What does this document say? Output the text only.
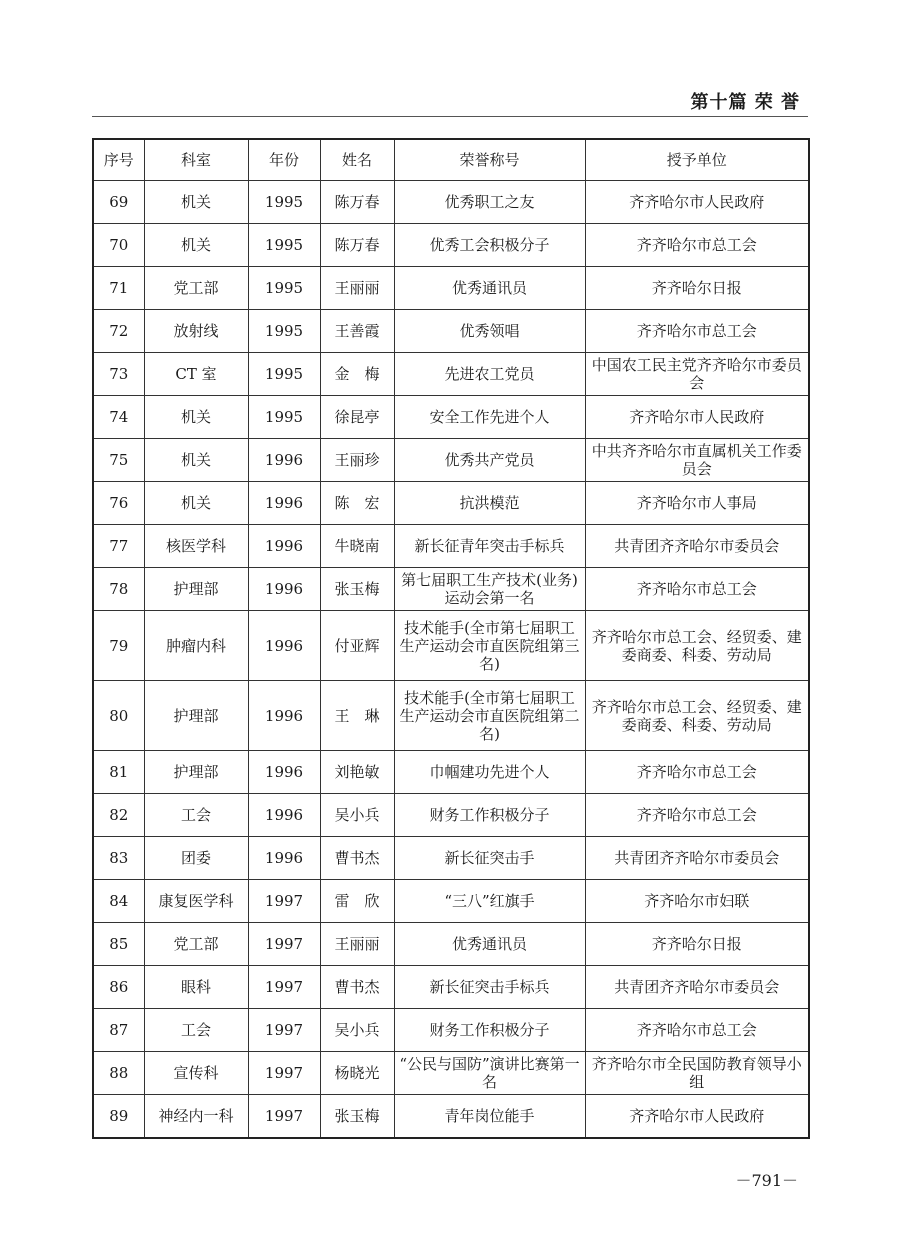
第十篇 荣 誉
序号	科室	年份	姓名	荣誉称号	授予单位
69	机关	1995	陈万春	优秀职工之友	齐齐哈尔市人民政府
70	机关	1995	陈万春	优秀工会积极分子	齐齐哈尔市总工会
71	党工部	1995	王丽丽	优秀通讯员	齐齐哈尔日报
72	放射线	1995	王善霞	优秀领唱	齐齐哈尔市总工会
73	CT 室	1995	金　梅	先进农工党员	中国农工民主党齐齐哈尔市委员会
74	机关	1995	徐昆亭	安全工作先进个人	齐齐哈尔市人民政府
75	机关	1996	王丽珍	优秀共产党员	中共齐齐哈尔市直属机关工作委员会
76	机关	1996	陈　宏	抗洪模范	齐齐哈尔市人事局
77	核医学科	1996	牛晓南	新长征青年突击手标兵	共青团齐齐哈尔市委员会
78	护理部	1996	张玉梅	第七届职工生产技术(业务)运动会第一名	齐齐哈尔市总工会
79	肿瘤内科	1996	付亚辉	技术能手(全市第七届职工生产运动会市直医院组第三名)	齐齐哈尔市总工会、经贸委、建委商委、科委、劳动局
80	护理部	1996	王　琳	技术能手(全市第七届职工生产运动会市直医院组第二名)	齐齐哈尔市总工会、经贸委、建委商委、科委、劳动局
81	护理部	1996	刘艳敏	巾帼建功先进个人	齐齐哈尔市总工会
82	工会	1996	吴小兵	财务工作积极分子	齐齐哈尔市总工会
83	团委	1996	曹书杰	新长征突击手	共青团齐齐哈尔市委员会
84	康复医学科	1997	雷　欣	“三八”红旗手	齐齐哈尔市妇联
85	党工部	1997	王丽丽	优秀通讯员	齐齐哈尔日报
86	眼科	1997	曹书杰	新长征突击手标兵	共青团齐齐哈尔市委员会
87	工会	1997	吴小兵	财务工作积极分子	齐齐哈尔市总工会
88	宣传科	1997	杨晓光	“公民与国防”演讲比赛第一名	齐齐哈尔市全民国防教育领导小组
89	神经内一科	1997	张玉梅	青年岗位能手	齐齐哈尔市人民政府
－791－
